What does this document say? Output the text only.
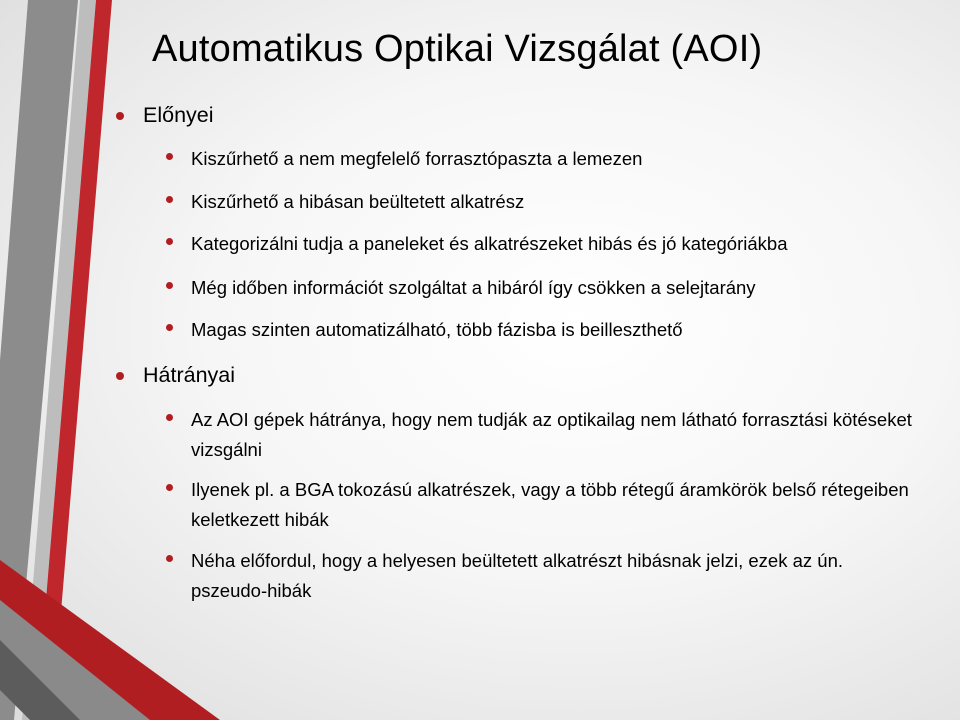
Automatikus Optikai Vizsgálat (AOI)
Előnyei
Kiszűrhető a nem megfelelő forrasztópaszta a lemezen
Kiszűrhető a hibásan beültetett alkatrész
Kategorizálni tudja a paneleket és alkatrészeket hibás és jó kategóriákba
Még időben információt szolgáltat a hibáról így csökken a selejtarány
Magas szinten automatizálható, több fázisba is beilleszthető
Hátrányai
Az AOI gépek hátránya, hogy nem tudják az optikailag nem látható forrasztási kötéseket vizsgálni
Ilyenek pl. a BGA tokozású alkatrészek, vagy a több rétegű áramkörök belső rétegeiben keletkezett hibák
Néha előfordul, hogy a helyesen beültetett alkatrészt hibásnak jelzi, ezek az ún. pszeudo-hibák
